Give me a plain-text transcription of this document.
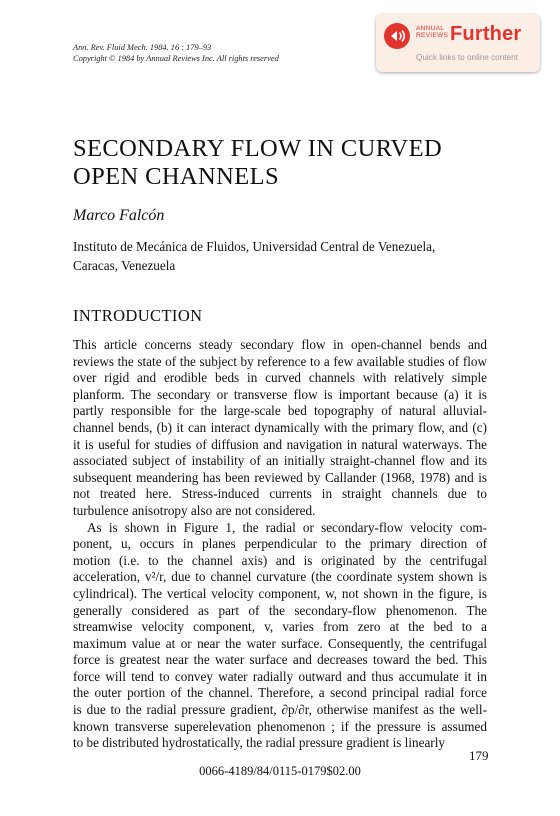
Ann. Rev. Fluid Mech. 1984. 16 : 179–93
Copyright © 1984 by Annual Reviews Inc. All rights reserved
ANNUAL
REVIEWS Further
Quick links to online content
SECONDARY FLOW IN CURVED
OPEN CHANNELS
Marco Falcón
Instituto de Mecánica de Fluidos, Universidad Central de Venezuela,
Caracas, Venezuela
INTRODUCTION
This article concerns steady secondary flow in open-channel bends and
reviews the state of the subject by reference to a few available studies of flow
over rigid and erodible beds in curved channels with relatively simple
planform. The secondary or transverse flow is important because (a) it is
partly responsible for the large-scale bed topography of natural alluvial-
channel bends, (b) it can interact dynamically with the primary flow, and (c)
it is useful for studies of diffusion and navigation in natural waterways. The
associated subject of instability of an initially straight-channel flow and its
subsequent meandering has been reviewed by Callander (1968, 1978) and is
not treated here. Stress-induced currents in straight channels due to
turbulence anisotropy also are not considered.
As is shown in Figure 1, the radial or secondary-flow velocity com-
ponent, u, occurs in planes perpendicular to the primary direction of
motion (i.e. to the channel axis) and is originated by the centrifugal
acceleration, v²/r, due to channel curvature (the coordinate system shown is
cylindrical). The vertical velocity component, w, not shown in the figure, is
generally considered as part of the secondary-flow phenomenon. The
streamwise velocity component, v, varies from zero at the bed to a
maximum value at or near the water surface. Consequently, the centrifugal
force is greatest near the water surface and decreases toward the bed. This
force will tend to convey water radially outward and thus accumulate it in
the outer portion of the channel. Therefore, a second principal radial force
is due to the radial pressure gradient, ∂p/∂r, otherwise manifest as the well-
known transverse superelevation phenomenon ; if the pressure is assumed
to be distributed hydrostatically, the radial pressure gradient is linearly
179
0066-4189/84/0115-0179$02.00
